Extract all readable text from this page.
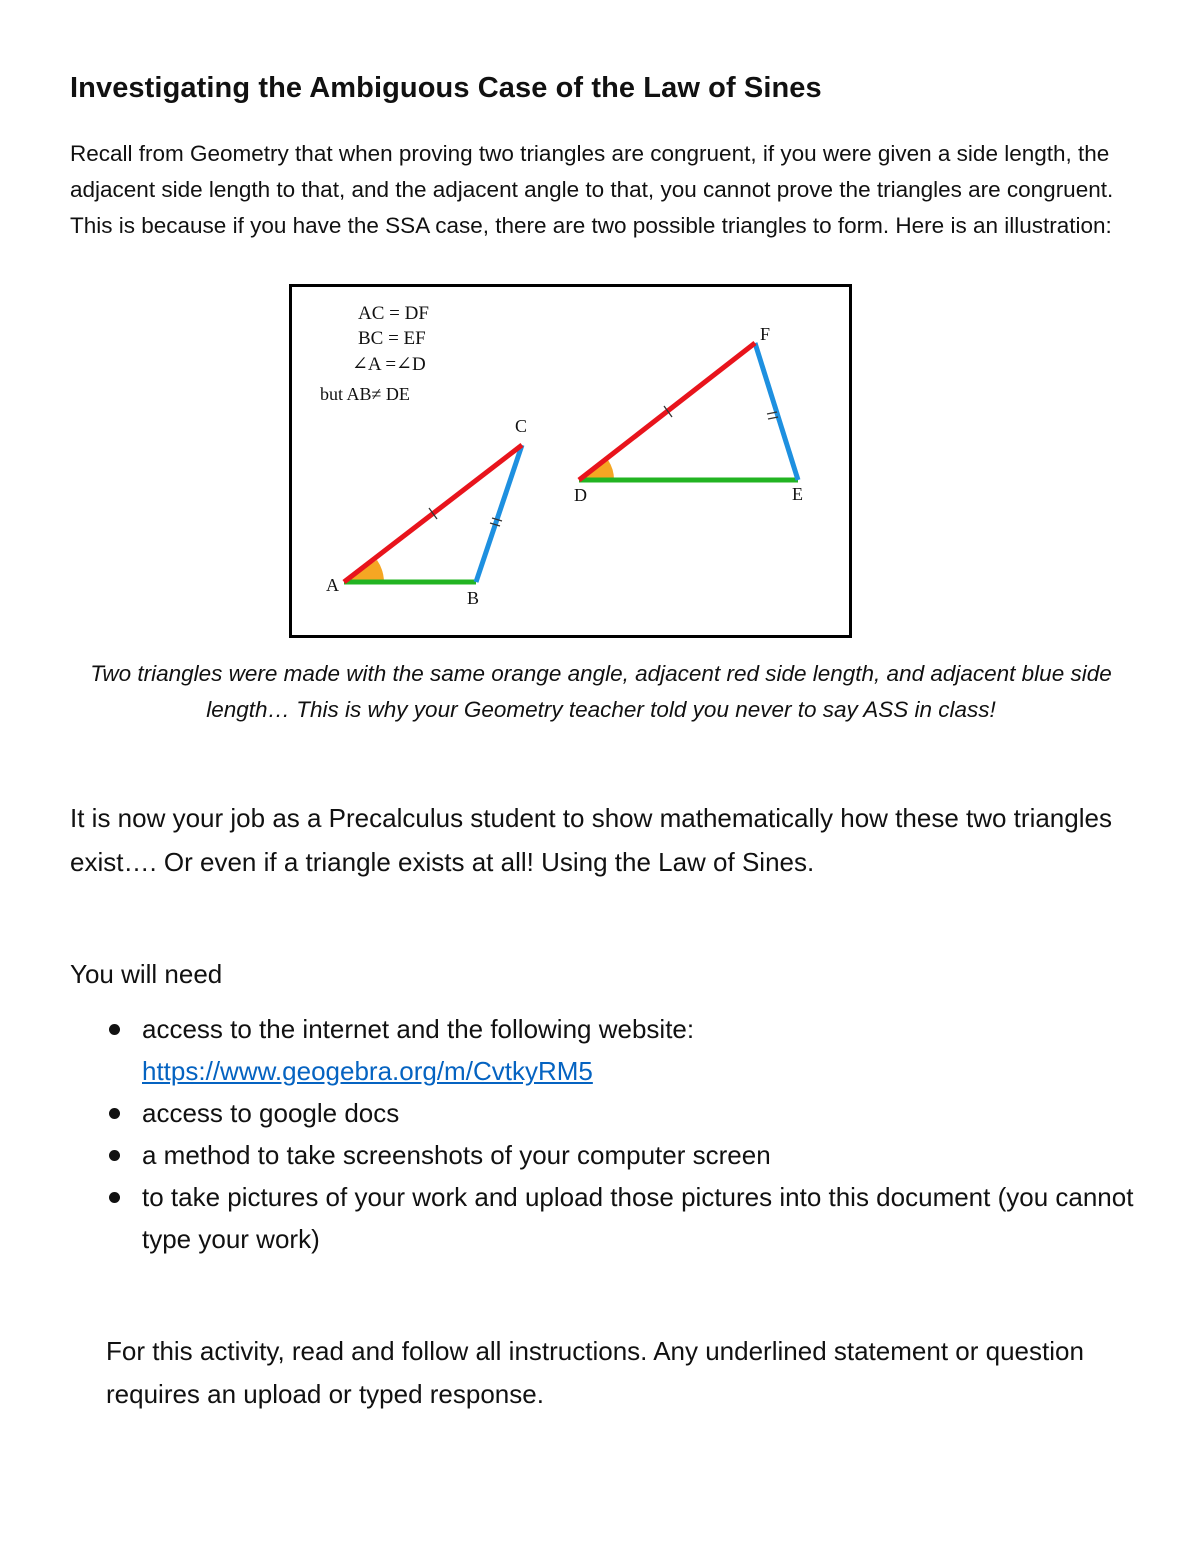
Investigating the Ambiguous Case of the Law of Sines
Recall from Geometry that when proving two triangles are congruent, if you were given a side length, the adjacent side length to that, and the adjacent angle to that, you cannot prove the triangles are congruent. This is because if you have the SSA case, there are two possible triangles to form. Here is an illustration:
AC = DF
BC = EF
∠A =∠D
but AB≠ DE
A
B
C
D	E
F
Two triangles were made with the same orange angle, adjacent red side length, and adjacent blue side length… This is why your Geometry teacher told you never to say ASS in class!
It is now your job as a Precalculus student to show mathematically how these two triangles exist…. Or even if a triangle exists at all! Using the Law of Sines.
You will need
access to the internet and the following website:
https://www.geogebra.org/m/CvtkyRM5
access to google docs
a method to take screenshots of your computer screen
to take pictures of your work and upload those pictures into this document (you cannot type your work)
For this activity, read and follow all instructions. Any underlined statement or question requires an upload or typed response.
